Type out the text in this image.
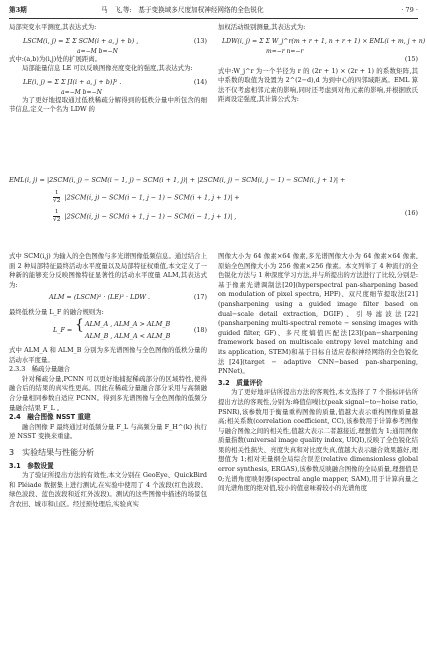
第3期	马　飞,等:　基于变换域多尺度加权神经网络的全色锐化	· 79 ·

局部突变水平测度,其表达式为:

LSCM(i, j) = Σ Σ SCM(i + a, j + b) ,
a=−M b=−N
(13)

式中:(a,b)为(i,j)处的扩展距离。

局部能量信息 LE 可以反映图像亮度变化的强度,其表达式为:

LE(i, j) = Σ Σ [I(i + a, j + b)]² .
a=−M b=−N
(14)

为了更好地提取通过低秩稀疏分解得到的低秩分量中所包含的细节信息,定义一个名为 LDW 的

加权活动级别测量,其表达式为:

LDW(i, j) = Σ Σ W_j^r(m + r + 1, n + r + 1) × EML(i + m, j + n)
m=−r n=−r
(15)

式中:W_j^r 为一个半径为 r 的 (2r + 1) × (2r + 1) 的系数矩阵,其中系数的取值为设置为 2^(2−d),d 为到中心的四邻域距离。EML 算法不仅考虑相邻元素的影响,同时还考虑到对角元素的影响,并根据欧氏距离设定强度,其计算公式为:

EML(i, j) = |2SCM(i, j) − SCM(i − 1, j) − SCM(i + 1, j)| + |2SCM(i, j) − SCM(i, j − 1) − SCM(i, j + 1)| +
$\frac{1}{√2} |2SCM(i$, j) − SCM(i − 1, j − 1) − SCM(i + 1, j + 1)| +
$\frac{1}{√2} |2SCM(i$, j) − SCM(i + 1, j − 1) − SCM(i − 1, j + 1)| ,	(16)

式中 SCM(i,j) 为输入的全色图像与多光谱图像低频信息。通过结合上面 2 种局部特征最终活动水平度量以及局部特征权重值,本文定义了一种新的能够充分反映图像特征显著性的活动水平度量 ALM,其表达式为:

ALM = (LSCM)² · (LE)² · LDW .	(17)

最终低秩分量 L_F 的融合规则为:

L_F = { ALM_A , ALM_A > ALM_B
ALM_B , ALM_A < ALM_B
(18)

式中 ALM_A 和 ALM_B 分别为多光谱图像与全色图像的低秩分量的活动水平度量。

2.3.3　稀疏分量融合

针对稀疏分量,PCNN 可以更好地捕捉稀疏部分的区域特性,使得融合后的结果的真实性更高。因此在稀疏分量融合部分采用与高频融合分量相同参数自适应 PCNN。得到多光谱图像与全色图像的低频分量融合结果 F_L 。

2.4　融合图像 NSST 重建

融合图像 F 最终通过对低频分量 F_L 与高频分量 F_H^(k) 执行逆 NSST 变换来重建。

3　实验结果与性能分析

3.1　参数设置

为了验证所提出方法的有效性,本文分别在 GeoEye、QuickBird 和 Pléiade 数据集上进行测试,在实验中使用了 4 个波段(红色波段、绿色波段、蓝色波段和近红外波段)。测试的这些图像中描述的场景包含农田、城市和山区。经过预处理后,实验真实

图像大小为 64 像素×64 像素,多光谱图像大小为 64 像素×64 像素,原始全色图像大小为 256 像素×256 像素。本文列举了 4 种流行的全色锐化方法与 1 种深度学习方法,并与所提出的方法进行了比较,分别是:基于像素光谱调制法[20](hyperspectral pan-sharpening based on modulation of pixel spectra, HPF)、双尺度细节提取法[21](pansharpening using a guided image filter based on dual−scale detail extraction, DGIF)、引导滤波法[22](pansharpening multi-spectral remote − sensing images with guided filter, GF)、多尺度熵值匹配法[23](pan−sharpening framework based on multiscale entropy level matching and its application, STEM)和基于目标自适应卷积神经网络的全色锐化法[24](target − adaptive CNN−based pan-sharpening, PNNet)。

3.2　质量评价

为了更好地评估所提出方法的客观性,本文选择了 7 个指标评估所提出方法的客观性,分别为:峰值信噪比(peak signal−to−hoise ratio, PSNR),该参数用于衡量重构图像的质量,值越大表示重构图像质量越高;相关系数(correlation coefficient, CC),该参数用于计算参考图像与融合图像之间的相关性,值越大表示二者越接近,理想值为 1;通用图像质量指数(universal image quality index, UIQI),反映了全色锐化结果的相关性损失、亮度失真和对比度失真,值越大表示融合效果越好,理想值为 1;相对无量纲全局综合误差(relative dimensionless global error synthesis, ERGAS),该参数反映融合图像的全局质量,理想值是 0;光谱角度映射器(spectral angle mapper, SAM),用于计算向量之间光谱角度的绝对值,较小的值意味着较小的光谱角度
